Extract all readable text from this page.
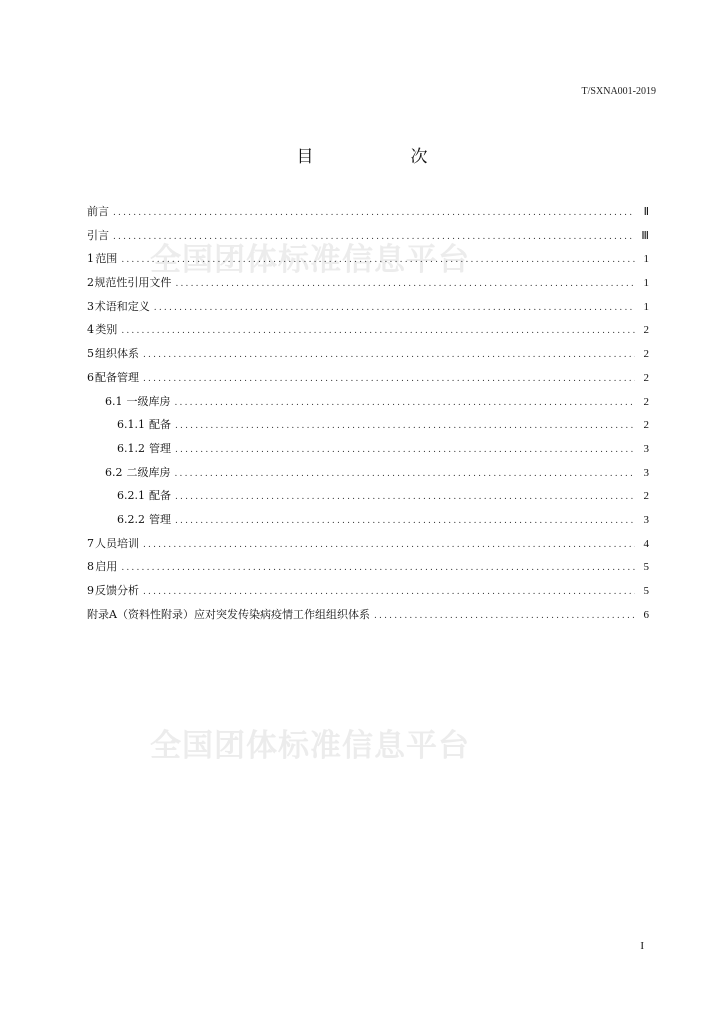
T/SXNA001-2019
目　次
全国团体标准信息平台
全国团体标准信息平台
前言 .....	Ⅱ
引言 .....	Ⅲ
1 范围 .....	1
2 规范性引用文件 .....	1
3 术语和定义 .....	1
4 类别 .....	2
5 组织体系 .....	2
6 配备管理 .....	2
6.1 一级库房 .....	2
6.1.1 配备 .....	2
6.1.2 管理 .....	3
6.2 二级库房 .....	3
6.2.1 配备 .....	2
6.2.2 管理 .....	3
7 人员培训 .....	4
8 启用 .....	5
9 反馈分析 .....	5
附录A（资料性附录）应对突发传染病疫情工作组组织体系 .....	6
I
